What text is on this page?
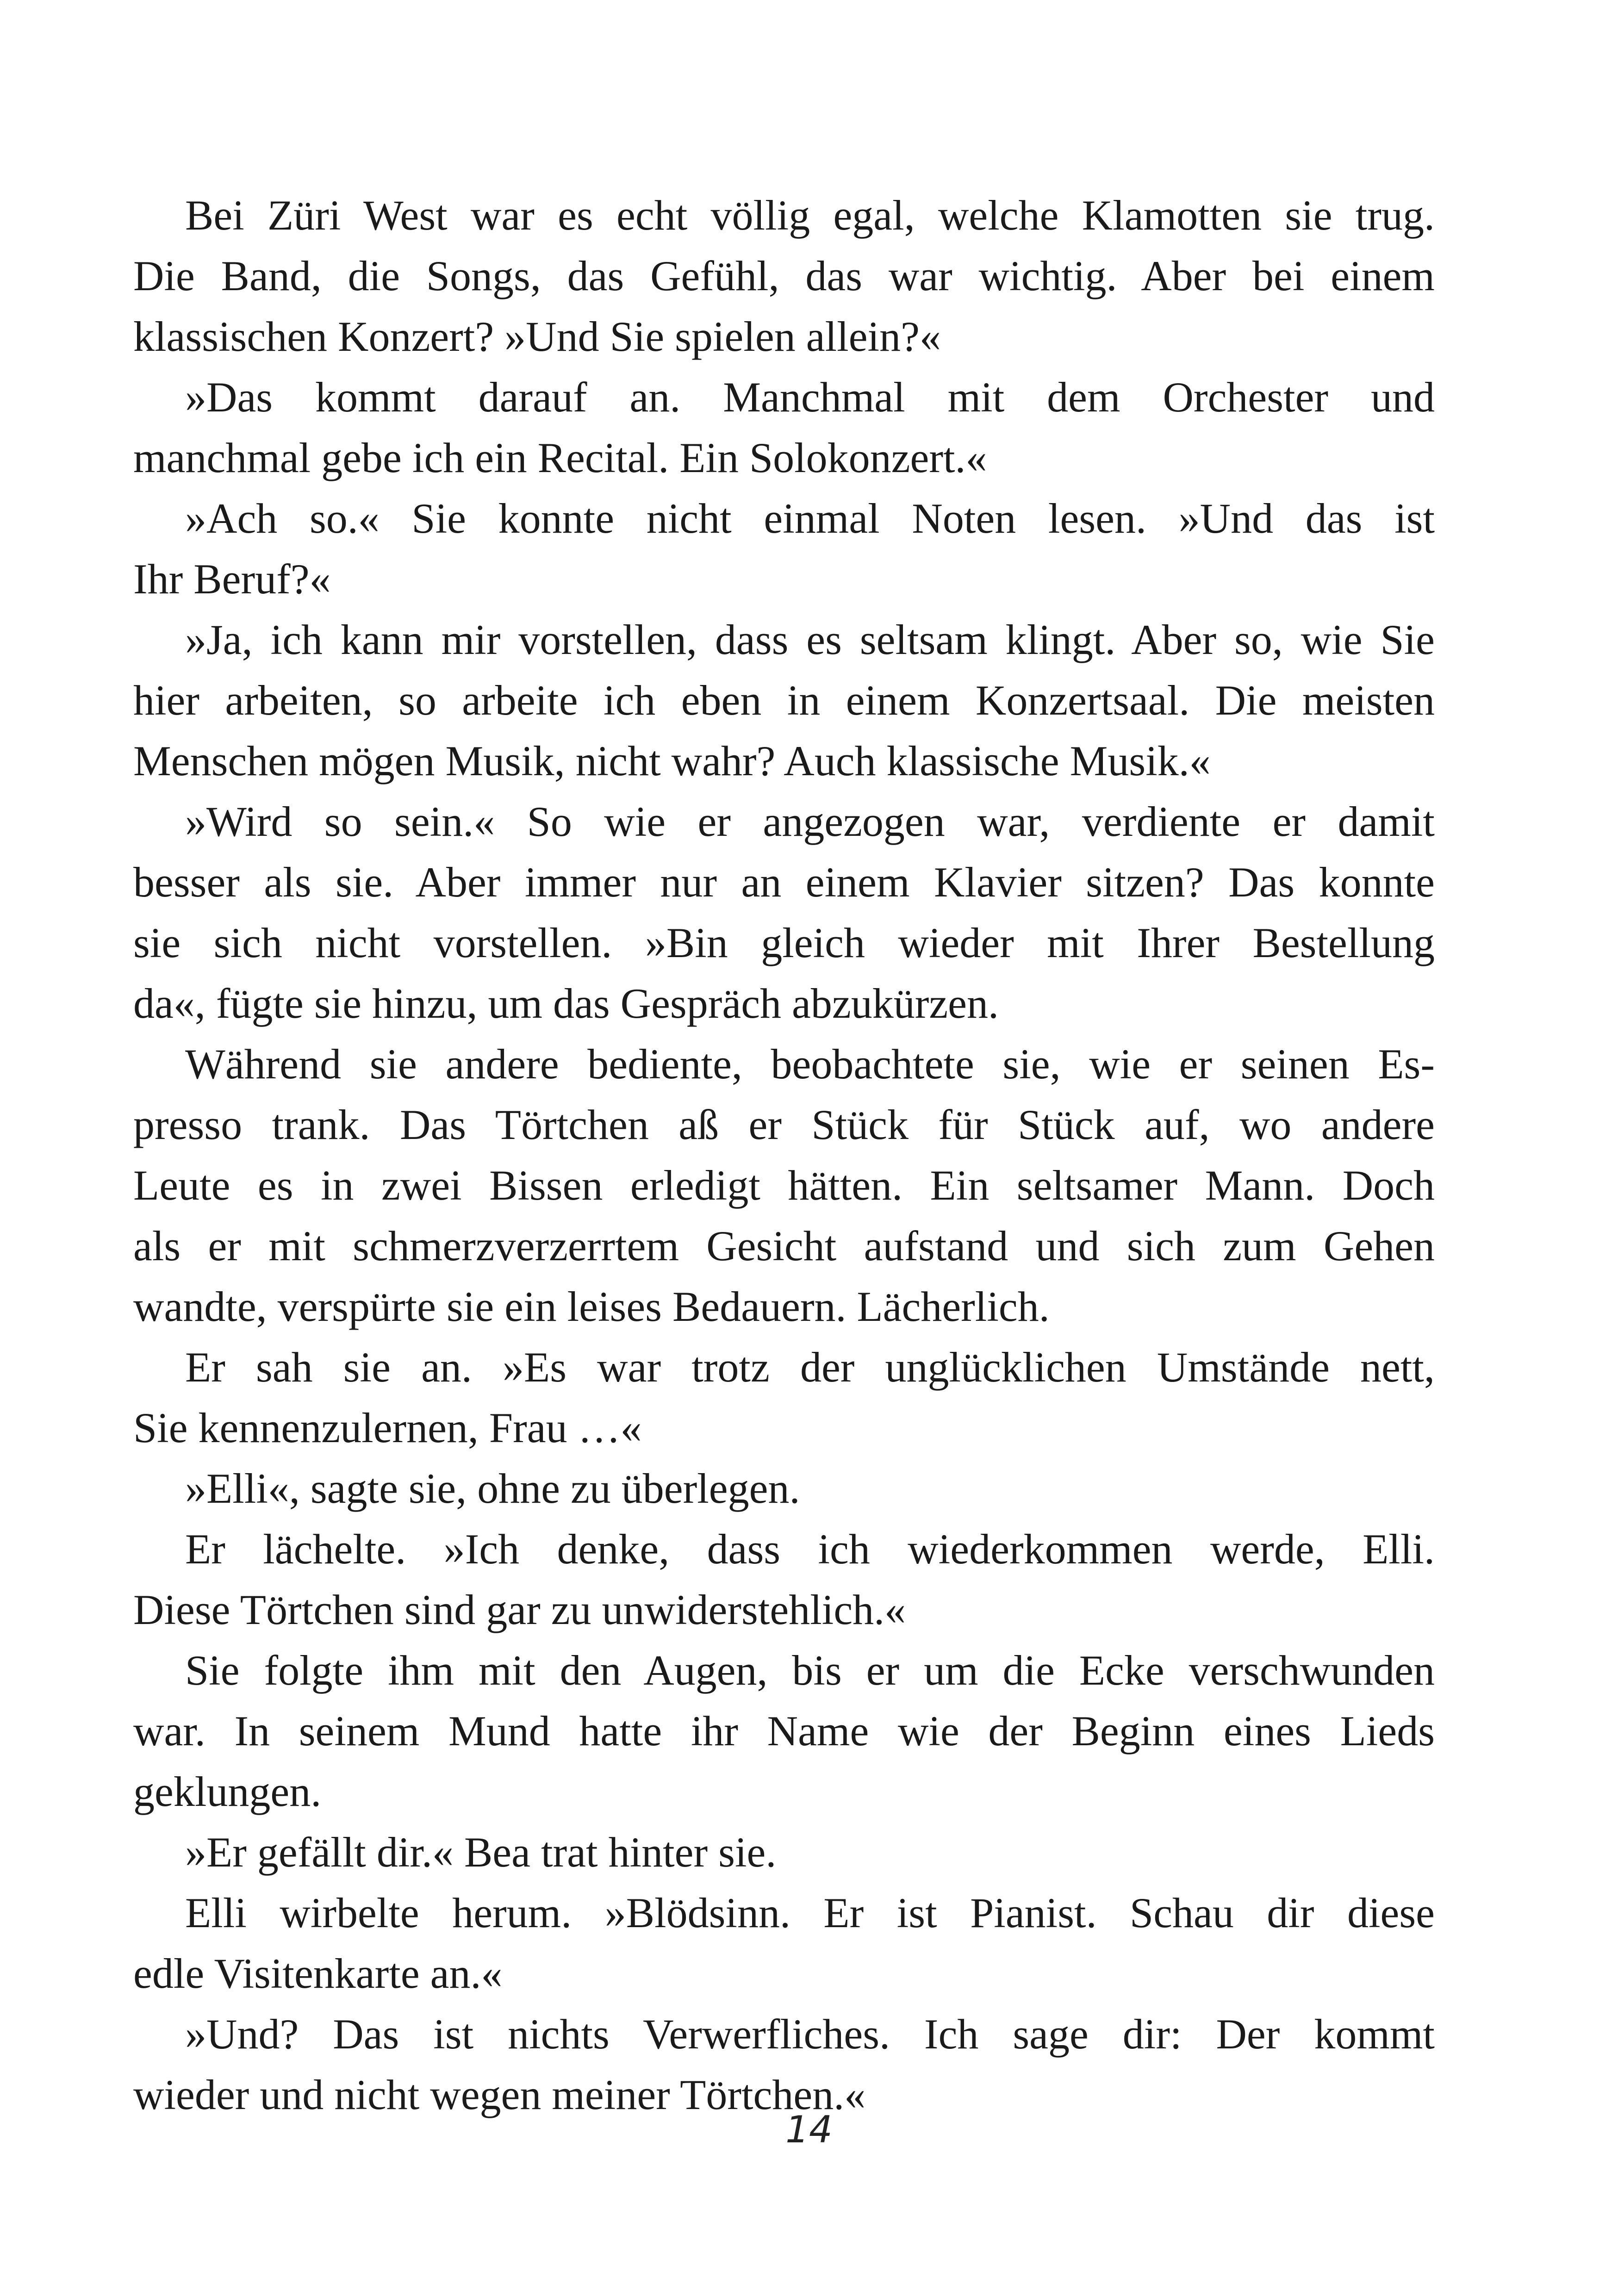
Bei Züri West war es echt völlig egal, welche Klamotten sie trug.
Die Band, die Songs, das Gefühl, das war wichtig. Aber bei einem
klassischen Konzert? »Und Sie spielen allein?«
»Das kommt darauf an. Manchmal mit dem Orchester und
manchmal gebe ich ein Recital. Ein Solokonzert.«
»Ach so.« Sie konnte nicht einmal Noten lesen. »Und das ist
Ihr Beruf?«
»Ja, ich kann mir vorstellen, dass es seltsam klingt. Aber so, wie Sie
hier arbeiten, so arbeite ich eben in einem Konzertsaal. Die meisten
Menschen mögen Musik, nicht wahr? Auch klassische Musik.«
»Wird so sein.« So wie er angezogen war, verdiente er damit
besser als sie. Aber immer nur an einem Klavier sitzen? Das konnte
sie sich nicht vorstellen. »Bin gleich wieder mit Ihrer Bestellung
da«, fügte sie hinzu, um das Gespräch abzukürzen.
Während sie andere bediente, beobachtete sie, wie er seinen Es-
presso trank. Das Törtchen aß er Stück für Stück auf, wo andere
Leute es in zwei Bissen erledigt hätten. Ein seltsamer Mann. Doch
als er mit schmerzverzerrtem Gesicht aufstand und sich zum Gehen
wandte, verspürte sie ein leises Bedauern. Lächerlich.
Er sah sie an. »Es war trotz der unglücklichen Umstände nett,
Sie kennenzulernen, Frau …«
»Elli«, sagte sie, ohne zu überlegen.
Er lächelte. »Ich denke, dass ich wiederkommen werde, Elli.
Diese Törtchen sind gar zu unwiderstehlich.«
Sie folgte ihm mit den Augen, bis er um die Ecke verschwunden
war. In seinem Mund hatte ihr Name wie der Beginn eines Lieds
geklungen.
»Er gefällt dir.« Bea trat hinter sie.
Elli wirbelte herum. »Blödsinn. Er ist Pianist. Schau dir diese
edle Visitenkarte an.«
»Und? Das ist nichts Verwerfliches. Ich sage dir: Der kommt
wieder und nicht wegen meiner Törtchen.«
14
